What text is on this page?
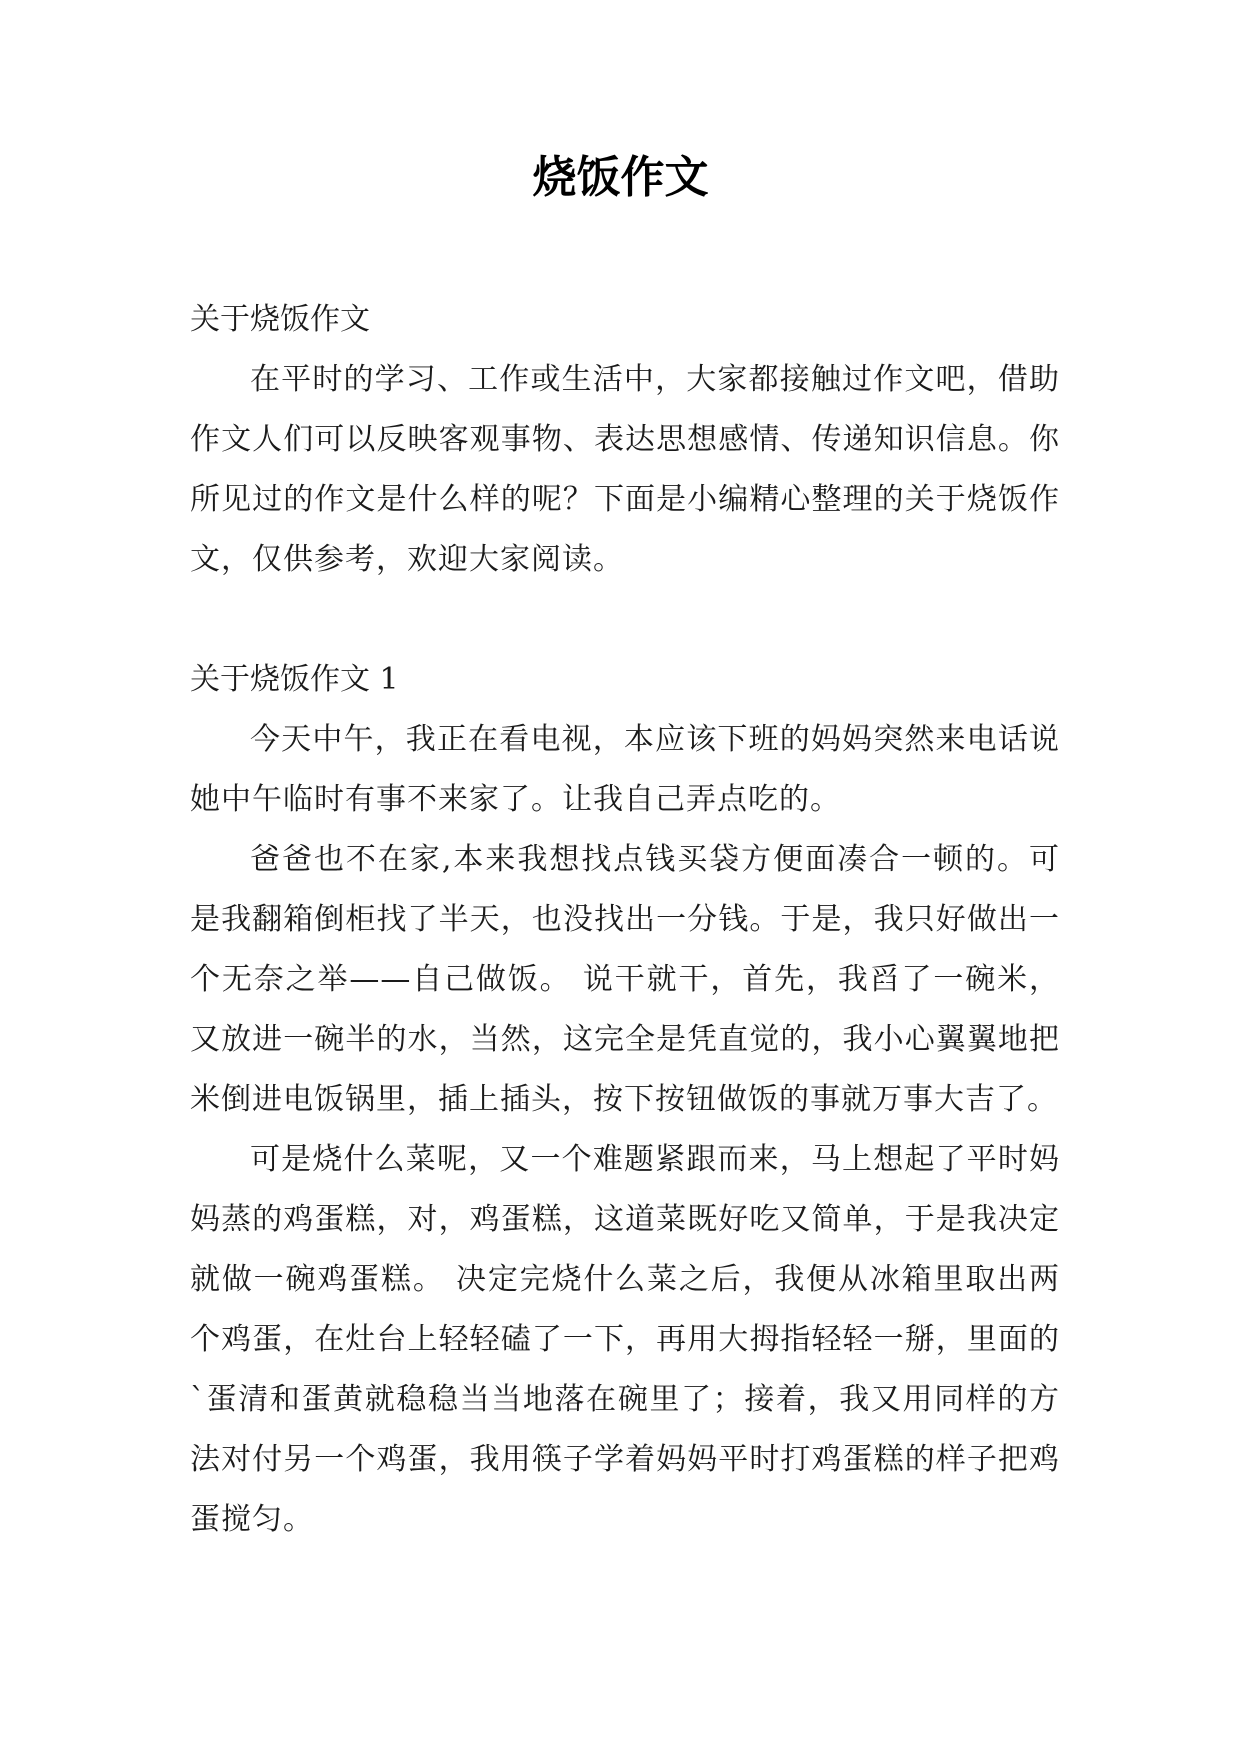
烧饭作文

关于烧饭作文

在平时的学习、工作或生活中，大家都接触过作文吧，借助作文人们可以反映客观事物、表达思想感情、传递知识信息。你所见过的作文是什么样的呢？下面是小编精心整理的关于烧饭作文，仅供参考，欢迎大家阅读。

关于烧饭作文 1

今天中午，我正在看电视，本应该下班的妈妈突然来电话说她中午临时有事不来家了。让我自己弄点吃的。

爸爸也不在家,本来我想找点钱买袋方便面凑合一顿的。可是我翻箱倒柜找了半天，也没找出一分钱。于是，我只好做出一个无奈之举——自己做饭。 说干就干，首先，我舀了一碗米，又放进一碗半的水，当然，这完全是凭直觉的，我小心翼翼地把米倒进电饭锅里，插上插头，按下按钮做饭的事就万事大吉了。

可是烧什么菜呢，又一个难题紧跟而来，马上想起了平时妈妈蒸的鸡蛋糕，对，鸡蛋糕，这道菜既好吃又简单，于是我决定就做一碗鸡蛋糕。 决定完烧什么菜之后，我便从冰箱里取出两个鸡蛋，在灶台上轻轻磕了一下，再用大拇指轻轻一掰，里面的`蛋清和蛋黄就稳稳当当地落在碗里了；接着，我又用同样的方法对付另一个鸡蛋，我用筷子学着妈妈平时打鸡蛋糕的样子把鸡蛋搅匀。
